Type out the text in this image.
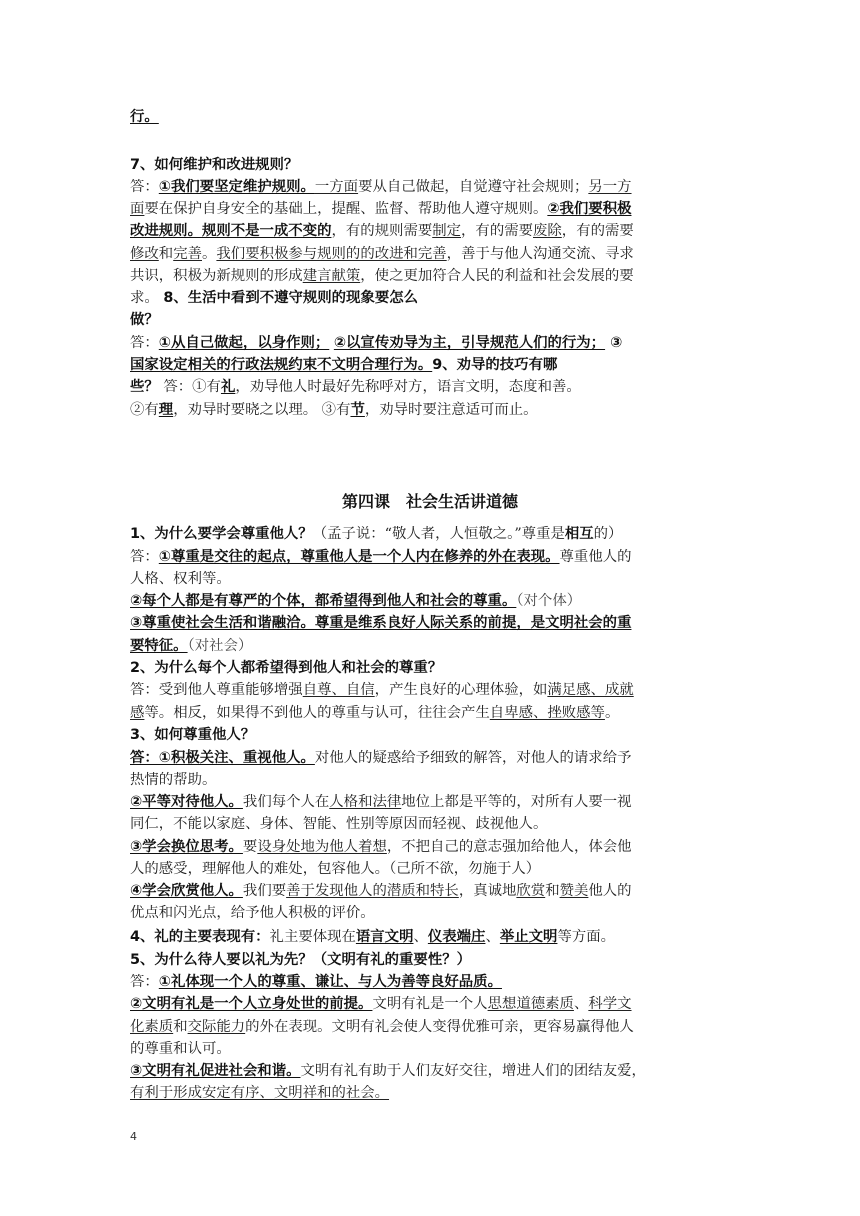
行。
7、如何维护和改进规则？
答：①我们要坚定维护规则。一方面要从自己做起，自觉遵守社会规则；另一方
面要在保护自身安全的基础上，提醒、监督、帮助他人遵守规则。②我们要积极
改进规则。规则不是一成不变的，有的规则需要制定，有的需要废除，有的需要
修改和完善。我们要积极参与规则的的改进和完善，善于与他人沟通交流、寻求
共识，积极为新规则的形成建言献策，使之更加符合人民的利益和社会发展的要
求。 8、生活中看到不遵守规则的现象要怎么
做？
答：①从自己做起，以身作则； ②以宣传劝导为主，引导规范人们的行为； ③
国家设定相关的行政法规约束不文明合理行为。9、劝导的技巧有哪
些？ 答：①有礼，劝导他人时最好先称呼对方，语言文明，态度和善。
②有理，劝导时要晓之以理。 ③有节，劝导时要注意适可而止。
1、为什么要学会尊重他人？（孟子说：“敬人者，人恒敬之。”尊重是相互的）
答：①尊重是交往的起点，尊重他人是一个人内在修养的外在表现。尊重他人的
人格、权利等。
②每个人都是有尊严的个体，都希望得到他人和社会的尊重。（对个体）
③尊重使社会生活和谐融洽。尊重是维系良好人际关系的前提，是文明社会的重
要特征。（对社会）
2、为什么每个人都希望得到他人和社会的尊重？
答：受到他人尊重能够增强自尊、自信，产生良好的心理体验，如满足感、成就
感等。相反，如果得不到他人的尊重与认可，往往会产生自卑感、挫败感等。
3、如何尊重他人？
答：①积极关注、重视他人。对他人的疑惑给予细致的解答，对他人的请求给予
热情的帮助。
②平等对待他人。我们每个人在人格和法律地位上都是平等的，对所有人要一视
同仁，不能以家庭、身体、智能、性别等原因而轻视、歧视他人。
③学会换位思考。要设身处地为他人着想，不把自己的意志强加给他人，体会他
人的感受，理解他人的难处，包容他人。（己所不欲，勿施于人）
④学会欣赏他人。我们要善于发现他人的潜质和特长，真诚地欣赏和赞美他人的
优点和闪光点，给予他人积极的评价。
4、礼的主要表现有：礼主要体现在语言文明、仪表端庄、举止文明等方面。
5、为什么待人要以礼为先？（文明有礼的重要性？）
答：①礼体现一个人的尊重、谦让、与人为善等良好品质。
②文明有礼是一个人立身处世的前提。文明有礼是一个人思想道德素质、科学文
化素质和交际能力的外在表现。文明有礼会使人变得优雅可亲，更容易赢得他人
的尊重和认可。
③文明有礼促进社会和谐。文明有礼有助于人们友好交往，增进人们的团结友爱，
有利于形成安定有序、文明祥和的社会。
第四课　社会生活讲道德
4
